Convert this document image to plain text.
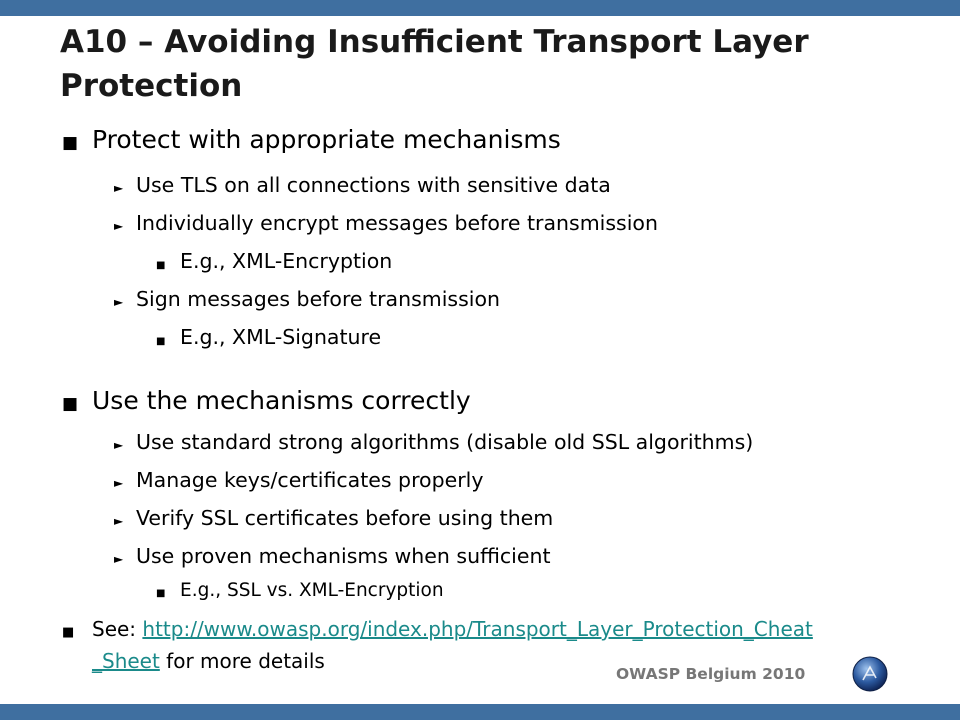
A10 – Avoiding Insufficient Transport Layer Protection
■ Protect with appropriate mechanisms
► Use TLS on all connections with sensitive data
► Individually encrypt messages before transmission
■ E.g., XML-Encryption
► Sign messages before transmission
■ E.g., XML-Signature
■ Use the mechanisms correctly
► Use standard strong algorithms (disable old SSL algorithms)
► Manage keys/certificates properly
► Verify SSL certificates before using them
► Use proven mechanisms when sufficient
■ E.g., SSL vs. XML-Encryption
■ See: http://www.owasp.org/index.php/Transport_Layer_Protection_Cheat
_Sheet for more details
OWASP Belgium 2010
